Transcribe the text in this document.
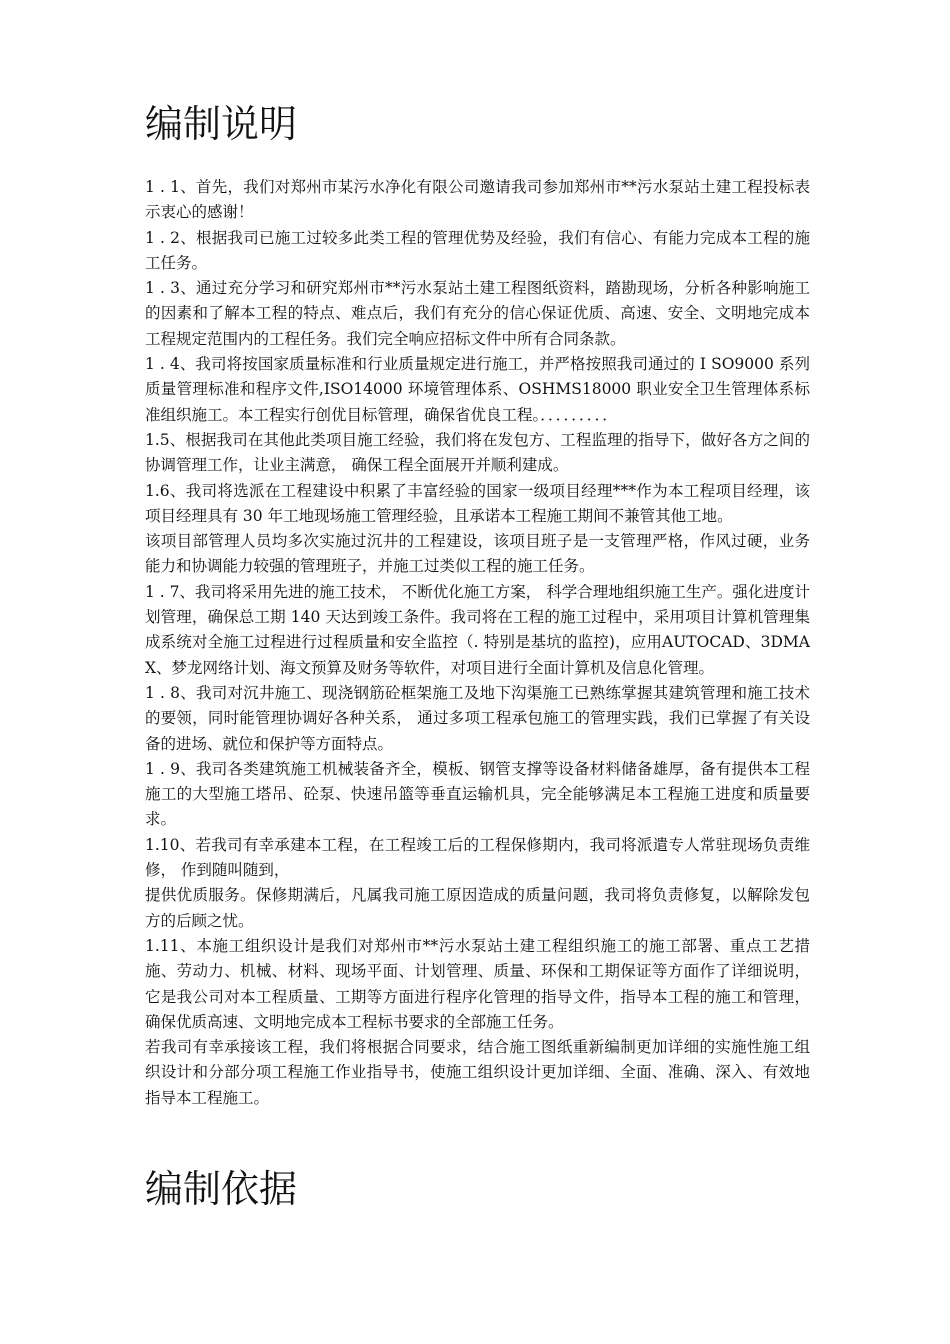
编制说明

1 . 1、首先，我们对郑州市某污水净化有限公司邀请我司参加郑州市**污水泵站土建工程投标表示衷心的感谢！

1 . 2、根据我司已施工过较多此类工程的管理优势及经验，我们有信心、有能力完成本工程的施工任务。

1 . 3、通过充分学习和研究郑州市**污水泵站土建工程图纸资料，踏勘现场，分析各种影响施工的因素和了解本工程的特点、难点后，我们有充分的信心保证优质、高速、安全、文明地完成本工程规定范围内的工程任务。我们完全响应招标文件中所有合同条款。

1 . 4、我司将按国家质量标准和行业质量规定进行施工，并严格按照我司通过的 I SO9000 系列质量管理标准和程序文件,ISO14000 环境管理体系、OSHMS18000 职业安全卫生管理体系标准组织施工。本工程实行创优目标管理，确保省优良工程。．．．．．．．．．

1.5、根据我司在其他此类项目施工经验，我们将在发包方、工程监理的指导下，做好各方之间的协调管理工作，让业主满意， 确保工程全面展开并顺利建成。

1.6、我司将选派在工程建设中积累了丰富经验的国家一级项目经理***作为本工程项目经理，该项目经理具有 30 年工地现场施工管理经验，且承诺本工程施工期间不兼管其他工地。

该项目部管理人员均多次实施过沉井的工程建设，该项目班子是一支管理严格，作风过硬，业务能力和协调能力较强的管理班子，并施工过类似工程的施工任务。

1 . 7、我司将采用先进的施工技术， 不断优化施工方案， 科学合理地组织施工生产。强化进度计划管理，确保总工期 140 天达到竣工条件。我司将在工程的施工过程中，采用项目计算机管理集成系统对全施工过程进行过程质量和安全监控（. 特别是基坑的监控)，应用AUTOCAD、3DMAX、梦龙网络计划、海文预算及财务等软件，对项目进行全面计算机及信息化管理。

1 . 8、我司对沉井施工、现浇钢筋砼框架施工及地下沟渠施工已熟练掌握其建筑管理和施工技术的要领，同时能管理协调好各种关系， 通过多项工程承包施工的管理实践，我们已掌握了有关设备的进场、就位和保护等方面特点。

1 . 9、我司各类建筑施工机械装备齐全，模板、钢管支撑等设备材料储备雄厚，备有提供本工程施工的大型施工塔吊、砼泵、快速吊篮等垂直运输机具，完全能够满足本工程施工进度和质量要求。

1.10、若我司有幸承建本工程，在工程竣工后的工程保修期内，我司将派遣专人常驻现场负责维修， 作到随叫随到，

提供优质服务。保修期满后，凡属我司施工原因造成的质量问题，我司将负责修复，以解除发包方的后顾之忧。

1.11、本施工组织设计是我们对郑州市**污水泵站土建工程组织施工的施工部署、重点工艺措施、劳动力、机械、材料、现场平面、计划管理、质量、环保和工期保证等方面作了详细说明，它是我公司对本工程质量、工期等方面进行程序化管理的指导文件，指导本工程的施工和管理，确保优质高速、文明地完成本工程标书要求的全部施工任务。

若我司有幸承接该工程，我们将根据合同要求，结合施工图纸重新编制更加详细的实施性施工组织设计和分部分项工程施工作业指导书，使施工组织设计更加详细、全面、准确、深入、有效地指导本工程施工。

编制依据
